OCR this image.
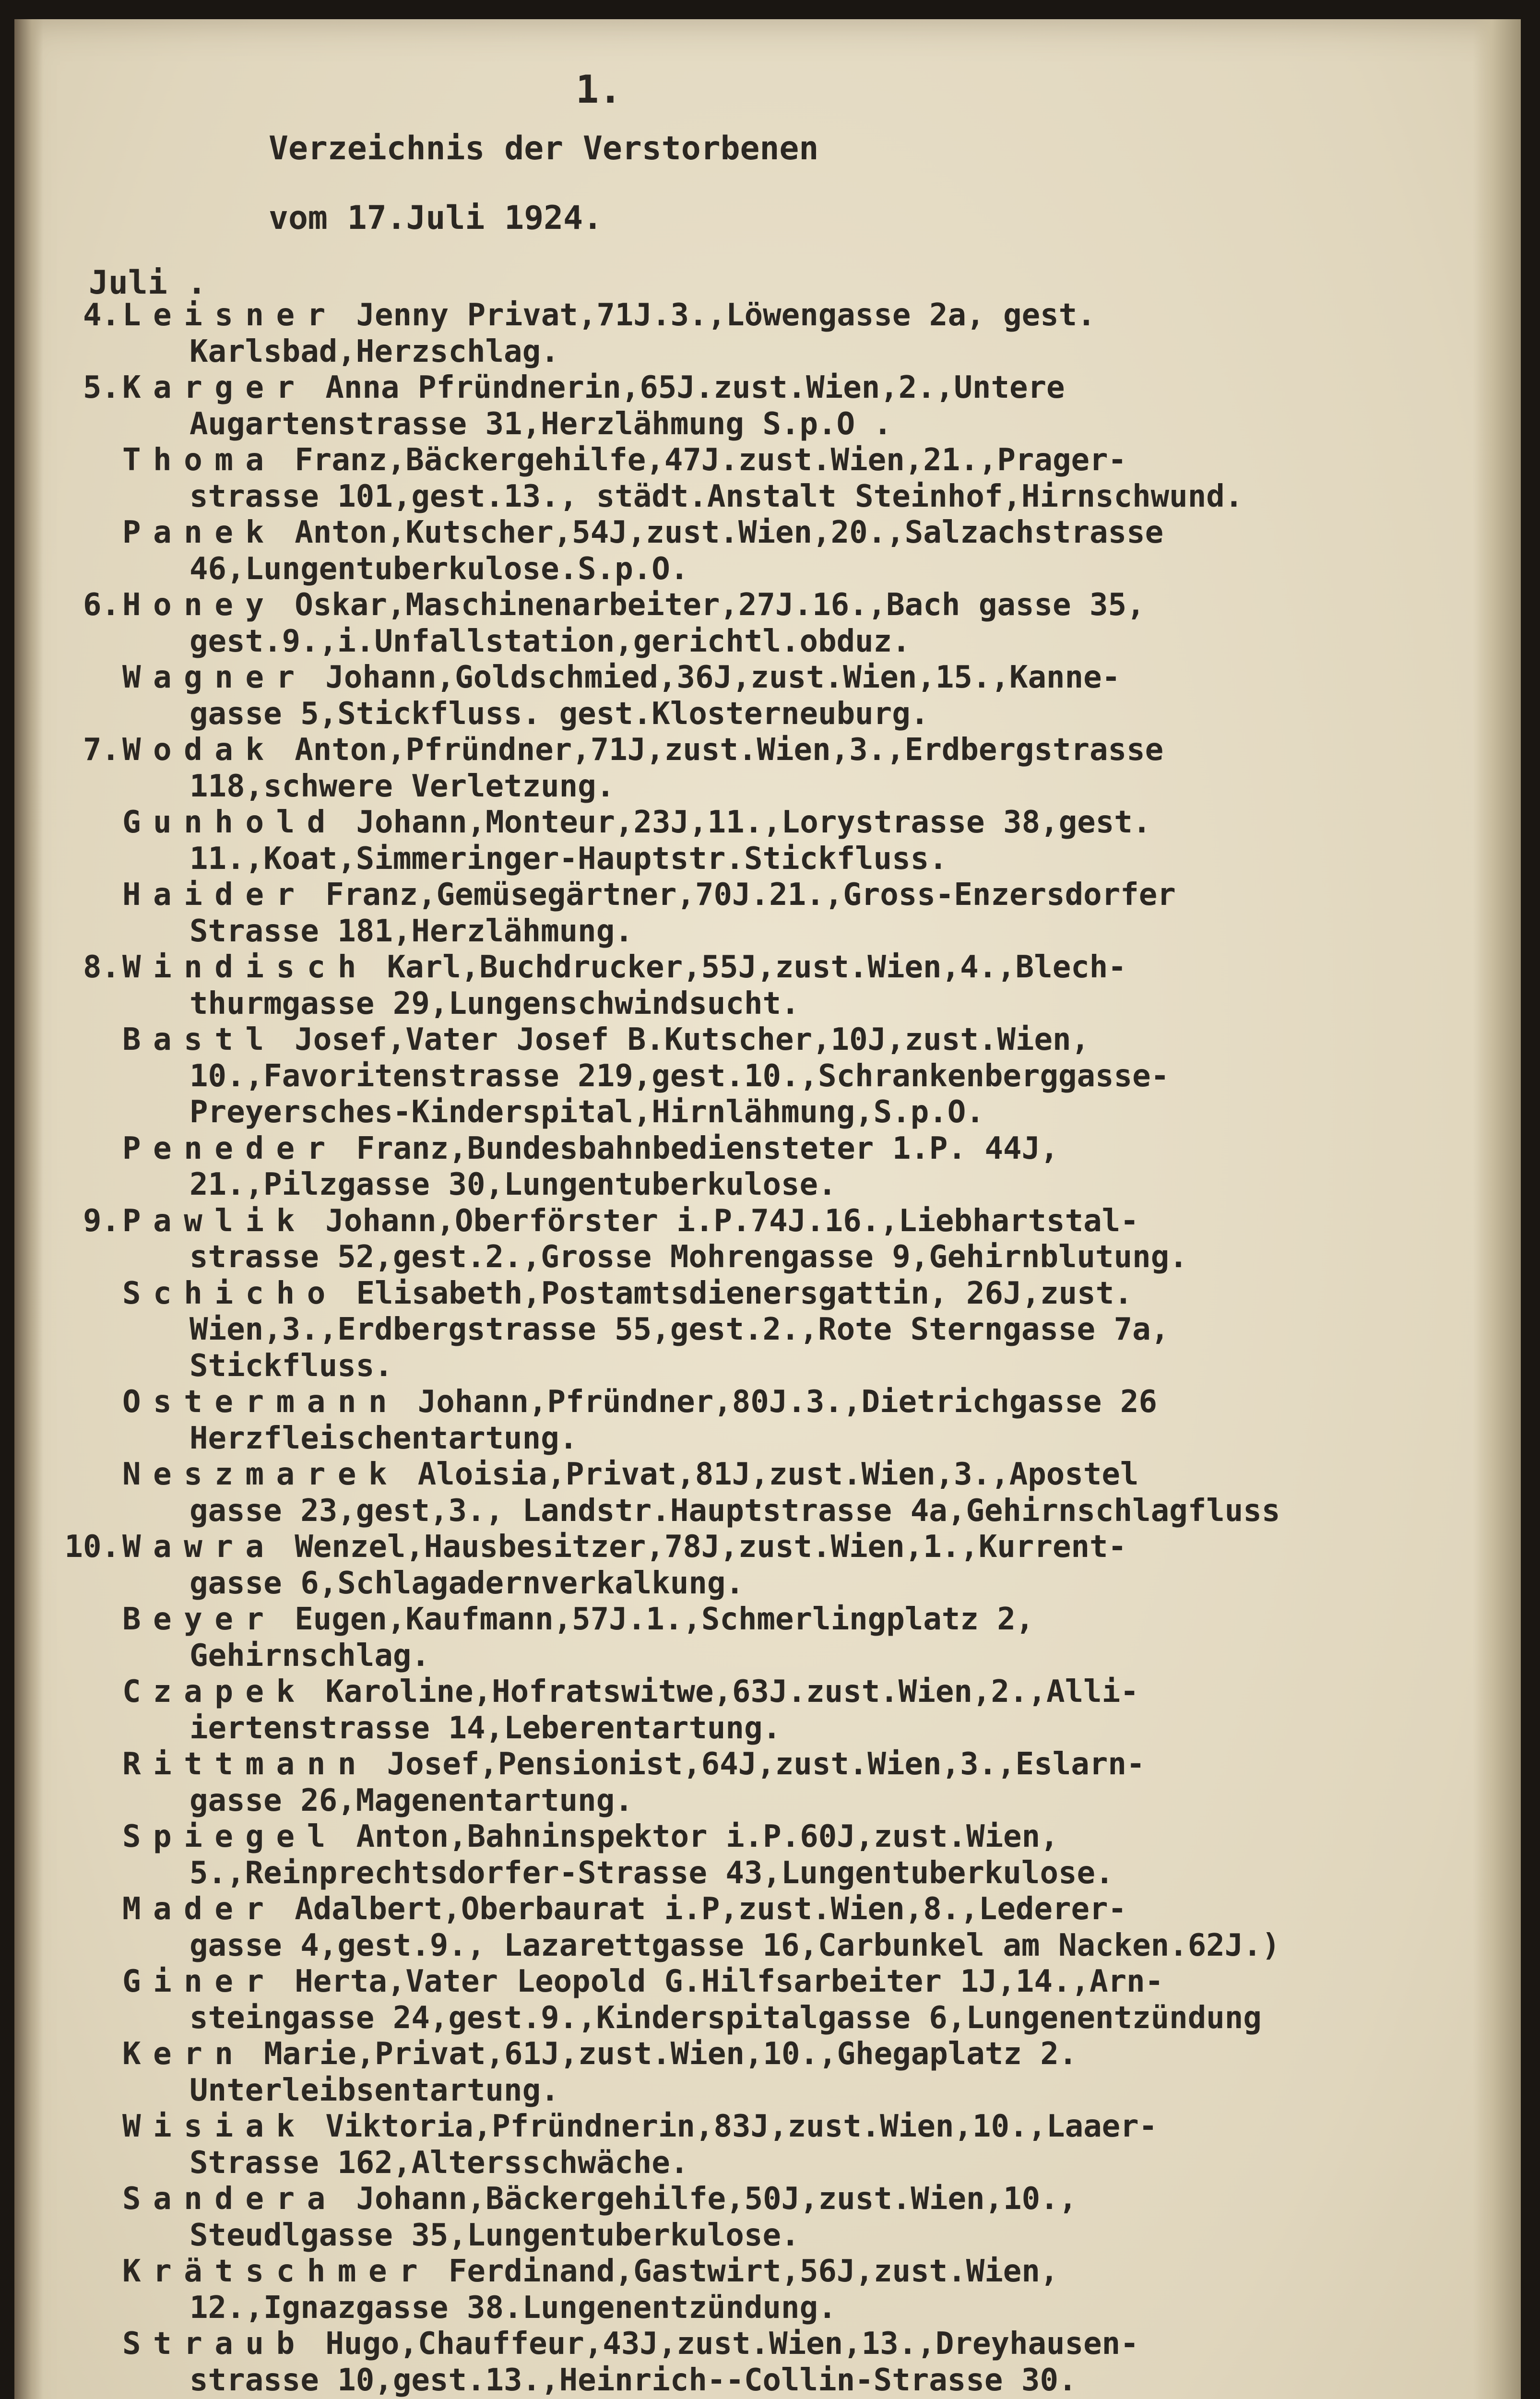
1.
Verzeichnis der Verstorbenen
vom 17.Juli 1924.
Juli .
4. Leisner Jenny Privat,71J.3.,Löwengasse 2a, gest.
Karlsbad,Herzschlag.
5. Karger Anna Pfründnerin,65J.zust.Wien,2.,Untere
Augartenstrasse 31,Herzlähmung S.p.O .
Thoma Franz,Bäckergehilfe,47J.zust.Wien,21.,Prager-
strasse 101,gest.13., städt.Anstalt Steinhof,Hirnschwund.
Panek Anton,Kutscher,54J,zust.Wien,20.,Salzachstrasse
46,Lungentuberkulose.S.p.O.
6. Honey Oskar,Maschinenarbeiter,27J.16.,Bach gasse 35,
gest.9.,i.Unfallstation,gerichtl.obduz.
Wagner Johann,Goldschmied,36J,zust.Wien,15.,Kanne-
gasse 5,Stickfluss. gest.Klosterneuburg.
7. Wodak Anton,Pfründner,71J,zust.Wien,3.,Erdbergstrasse
118,schwere Verletzung.
Gunhold Johann,Monteur,23J,11.,Lorystrasse 38,gest.
11.,Koat,Simmeringer-Hauptstr.Stickfluss.
Haider Franz,Gemüsegärtner,70J.21.,Gross-Enzersdorfer
Strasse 181,Herzlähmung.
8. Windisch Karl,Buchdrucker,55J,zust.Wien,4.,Blech-
thurmgasse 29,Lungenschwindsucht.
Bastl Josef,Vater Josef B.Kutscher,10J,zust.Wien,
10.,Favoritenstrasse 219,gest.10.,Schrankenberggasse-
Preyersches-Kinderspital,Hirnlähmung,S.p.O.
Peneder Franz,Bundesbahnbediensteter 1.P. 44J,
21.,Pilzgasse 30,Lungentuberkulose.
9. Pawlik Johann,Oberförster i.P.74J.16.,Liebhartstal-
strasse 52,gest.2.,Grosse Mohrengasse 9,Gehirnblutung.
Schicho Elisabeth,Postamtsdienersgattin, 26J,zust.
Wien,3.,Erdbergstrasse 55,gest.2.,Rote Sterngasse 7a,
Stickfluss.
Ostermann Johann,Pfründner,80J.3.,Dietrichgasse 26
Herzfleischentartung.
Neszmarek Aloisia,Privat,81J,zust.Wien,3.,Apostel
gasse 23,gest,3., Landstr.Hauptstrasse 4a,Gehirnschlagfluss
10. Wawra Wenzel,Hausbesitzer,78J,zust.Wien,1.,Kurrent-
gasse 6,Schlagadernverkalkung.
Beyer Eugen,Kaufmann,57J.1.,Schmerlingplatz 2,
Gehirnschlag.
Czapek Karoline,Hofratswitwe,63J.zust.Wien,2.,Alli-
iertenstrasse 14,Leberentartung.
Rittmann Josef,Pensionist,64J,zust.Wien,3.,Eslarn-
gasse 26,Magenentartung.
Spiegel Anton,Bahninspektor i.P.60J,zust.Wien,
5.,Reinprechtsdorfer-Strasse 43,Lungentuberkulose.
Mader Adalbert,Oberbaurat i.P,zust.Wien,8.,Lederer-
gasse 4,gest.9., Lazarettgasse 16,Carbunkel am Nacken.62J.)
Giner Herta,Vater Leopold G.Hilfsarbeiter 1J,14.,Arn-
steingasse 24,gest.9.,Kinderspitalgasse 6,Lungenentzündung
Kern Marie,Privat,61J,zust.Wien,10.,Ghegaplatz 2.
Unterleibsentartung.
Wisiak Viktoria,Pfründnerin,83J,zust.Wien,10.,Laaer-
Strasse 162,Altersschwäche.
Sandera Johann,Bäckergehilfe,50J,zust.Wien,10.,
Steudlgasse 35,Lungentuberkulose.
Krätschmer Ferdinand,Gastwirt,56J,zust.Wien,
12.,Ignazgasse 38.Lungenentzündung.
Straub Hugo,Chauffeur,43J,zust.Wien,13.,Dreyhausen-
strasse 10,gest.13.,Heinrich--Collin-Strasse 30.
